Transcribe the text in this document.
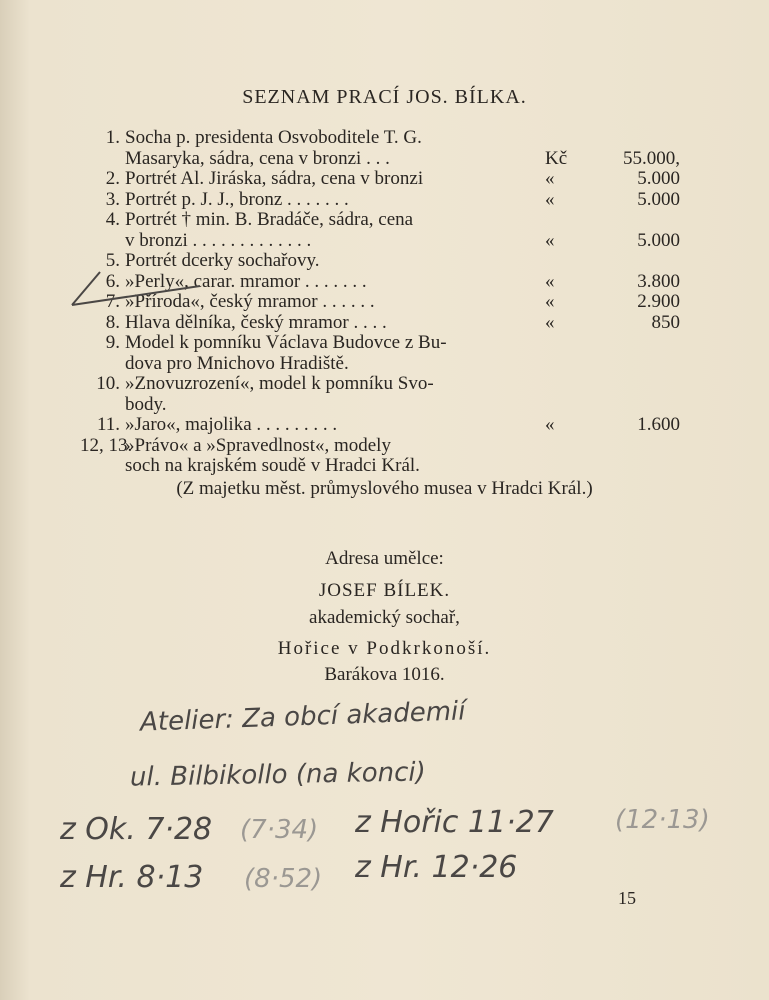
SEZNAM PRACÍ JOS. BÍLKA.
1. Socha p. presidenta Osvoboditele T. G.
Masaryka, sádra, cena v bronzi . . .	Kč	55.000,
2. Portrét Al. Jiráska, sádra, cena v bronzi	«	5.000
3. Portrét p. J. J., bronz . . . . . . .	«	5.000
4. Portrét † min. B. Bradáče, sádra, cena
v bronzi . . . . . . . . . . . . .	«	5.000
5. Portrét dcerky sochařovy.
6. »Perly«, carar. mramor . . . . . . .	«	3.800
7. »Příroda«, český mramor . . . . . .	«	2.900
8. Hlava dělníka, český mramor . . . .	«	850
9. Model k pomníku Václava Budovce z Bu-
dova pro Mnichovo Hradiště.
10. »Znovuzrození«, model k pomníku Svo-
body.
11. »Jaro«, majolika . . . . . . . . .	«	1.600
12, 13.
»Právo« a »Spravedlnost«, modely
soch na krajském soudě v Hradci Král.
(Z majetku měst. průmyslového musea v Hradci Král.)
Adresa umělce:
JOSEF BÍLEK.
akademický sochař,
Hořice v Podkrkonoší.
Barákova 1016.
Atelier: Za obcí akademií
ul. Bilbikollo (na konci)
z Ok. 7·28 (7·34) z Hořic 11·27 (12·13)
z Hr. 8·13 (8·52) z Hr. 12·26
15
